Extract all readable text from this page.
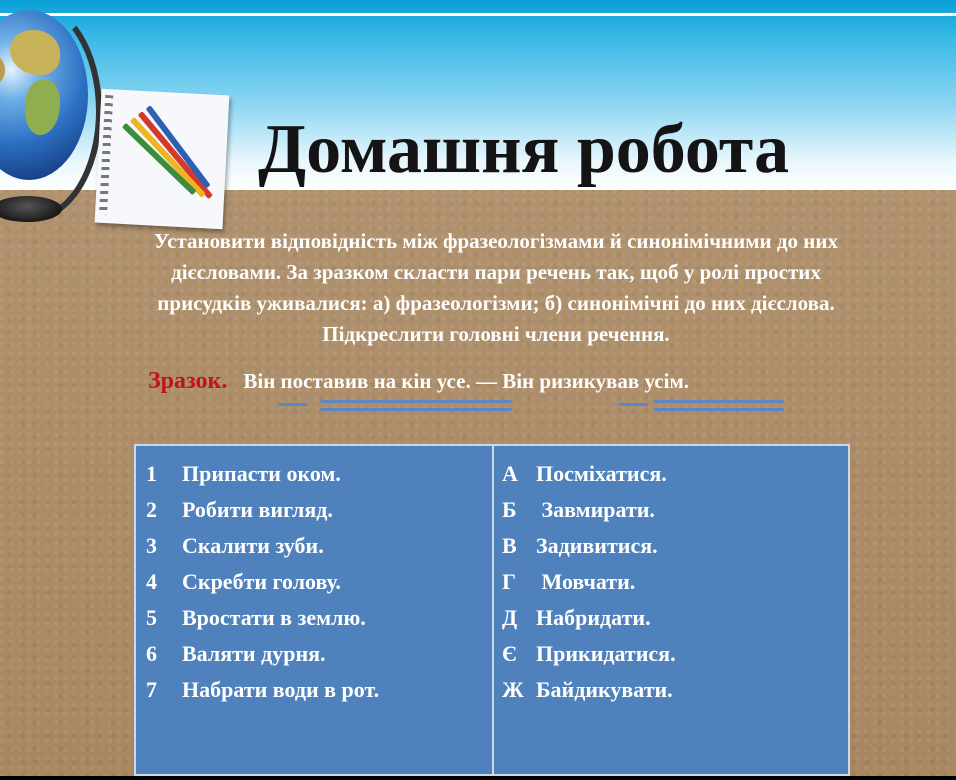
Домашня робота
Установити відповідність між фразеологізмами й синонімічними до них
дієсловами. За зразком скласти пари речень так, щоб у ролі простих
присудків уживалися: а) фразеологізми; б) синонімічні до них дієслова.
Підкреслити головні члени речення.
Зразок. Він поставив на кін усе. — Він ризикував усім.
1 Припасти оком.
2 Робити вигляд.
3 Скалити зуби.
4 Скребти голову.
5 Вростати в землю.
6 Валяти дурня.
7 Набрати води в рот.
А Посміхатися.
Б Завмирати.
В Задивитися.
Г Мовчати.
Д Набридати.
Є Прикидатися.
Ж Байдикувати.
